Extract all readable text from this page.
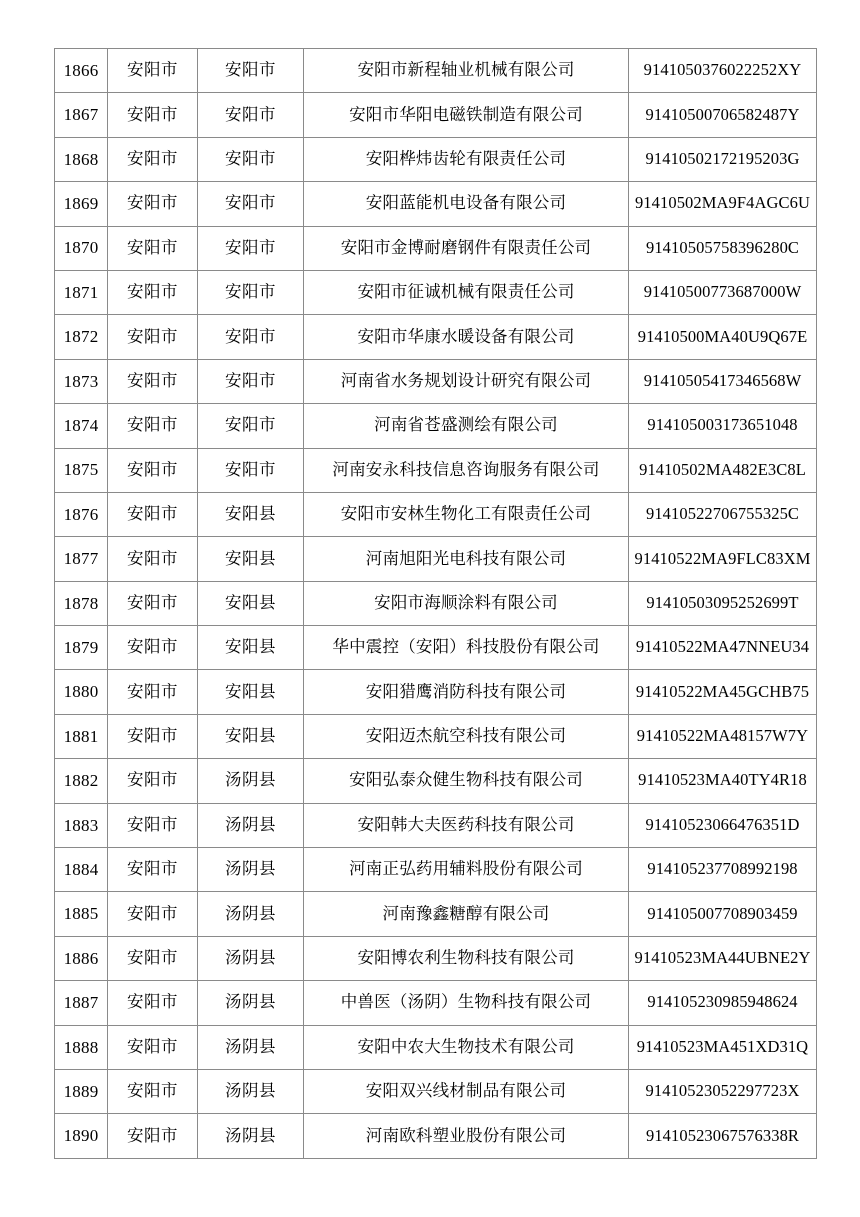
1866	安阳市	安阳市	安阳市新程轴业机械有限公司	9141050376022252XY
1867	安阳市	安阳市	安阳市华阳电磁铁制造有限公司	91410500706582487Y
1868	安阳市	安阳市	安阳桦炜齿轮有限责任公司	91410502172195203G
1869	安阳市	安阳市	安阳蓝能机电设备有限公司	91410502MA9F4AGC6U
1870	安阳市	安阳市	安阳市金博耐磨钢件有限责任公司	91410505758396280C
1871	安阳市	安阳市	安阳市征诚机械有限责任公司	91410500773687000W
1872	安阳市	安阳市	安阳市华康水暖设备有限公司	91410500MA40U9Q67E
1873	安阳市	安阳市	河南省水务规划设计研究有限公司	91410505417346568W
1874	安阳市	安阳市	河南省苍盛测绘有限公司	914105003173651048
1875	安阳市	安阳市	河南安永科技信息咨询服务有限公司	91410502MA482E3C8L
1876	安阳市	安阳县	安阳市安林生物化工有限责任公司	91410522706755325C
1877	安阳市	安阳县	河南旭阳光电科技有限公司	91410522MA9FLC83XM
1878	安阳市	安阳县	安阳市海顺涂料有限公司	91410503095252699T
1879	安阳市	安阳县	华中震控（安阳）科技股份有限公司	91410522MA47NNEU34
1880	安阳市	安阳县	安阳猎鹰消防科技有限公司	91410522MA45GCHB75
1881	安阳市	安阳县	安阳迈杰航空科技有限公司	91410522MA48157W7Y
1882	安阳市	汤阴县	安阳弘泰众健生物科技有限公司	91410523MA40TY4R18
1883	安阳市	汤阴县	安阳韩大夫医药科技有限公司	91410523066476351D
1884	安阳市	汤阴县	河南正弘药用辅料股份有限公司	914105237708992198
1885	安阳市	汤阴县	河南豫鑫糖醇有限公司	914105007708903459
1886	安阳市	汤阴县	安阳博农利生物科技有限公司	91410523MA44UBNE2Y
1887	安阳市	汤阴县	中兽医（汤阴）生物科技有限公司	914105230985948624
1888	安阳市	汤阴县	安阳中农大生物技术有限公司	91410523MA451XD31Q
1889	安阳市	汤阴县	安阳双兴线材制品有限公司	91410523052297723X
1890	安阳市	汤阴县	河南欧科塑业股份有限公司	91410523067576338R
